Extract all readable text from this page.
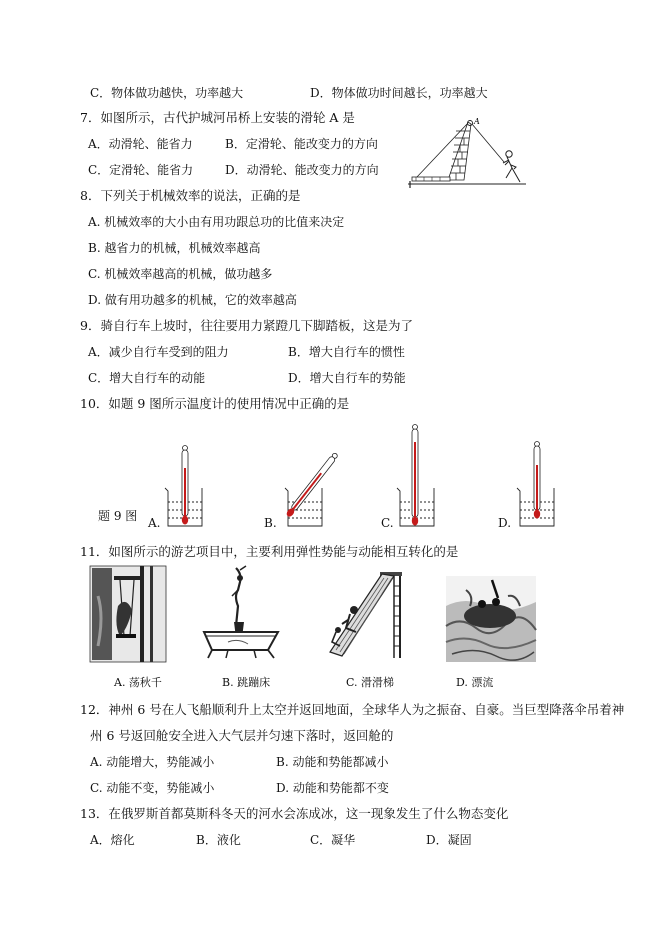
C．物体做功越快，功率越大	D．物体做功时间越长，功率越大
7．如图所示，古代护城河吊桥上安装的滑轮 A 是
A．动滑轮、能省力	B．定滑轮、能改变力的方向
C．定滑轮、能省力	D．动滑轮、能改变力的方向
A
8．下列关于机械效率的说法，正确的是
A. 机械效率的大小由有用功跟总功的比值来决定
B. 越省力的机械，机械效率越高
C. 机械效率越高的机械，做功越多
D. 做有用功越多的机械，它的效率越高
9．骑自行车上坡时，往往要用力紧蹬几下脚踏板，这是为了
A．减少自行车受到的阻力	B．增大自行车的惯性
C．增大自行车的动能	D．增大自行车的势能
10．如题 9 图所示温度计的使用情况中正确的是
题 9 图 A.	B.	C.	D.
11．如图所示的游艺项目中，主要利用弹性势能与动能相互转化的是
A. 荡秋千	B. 跳蹦床	C. 滑滑梯	D. 漂流
12．神州 6 号在人飞船顺利升上太空并返回地面，全球华人为之振奋、自豪。当巨型降落伞吊着神
州 6 号返回舱安全进入大气层并匀速下落时，返回舱的
A. 动能增大，势能减小	B. 动能和势能都减小
C. 动能不变，势能减小	D. 动能和势能都不变
13．在俄罗斯首都莫斯科冬天的河水会冻成冰，这一现象发生了什么物态变化
A．熔化	B．液化	C．凝华	D．凝固
